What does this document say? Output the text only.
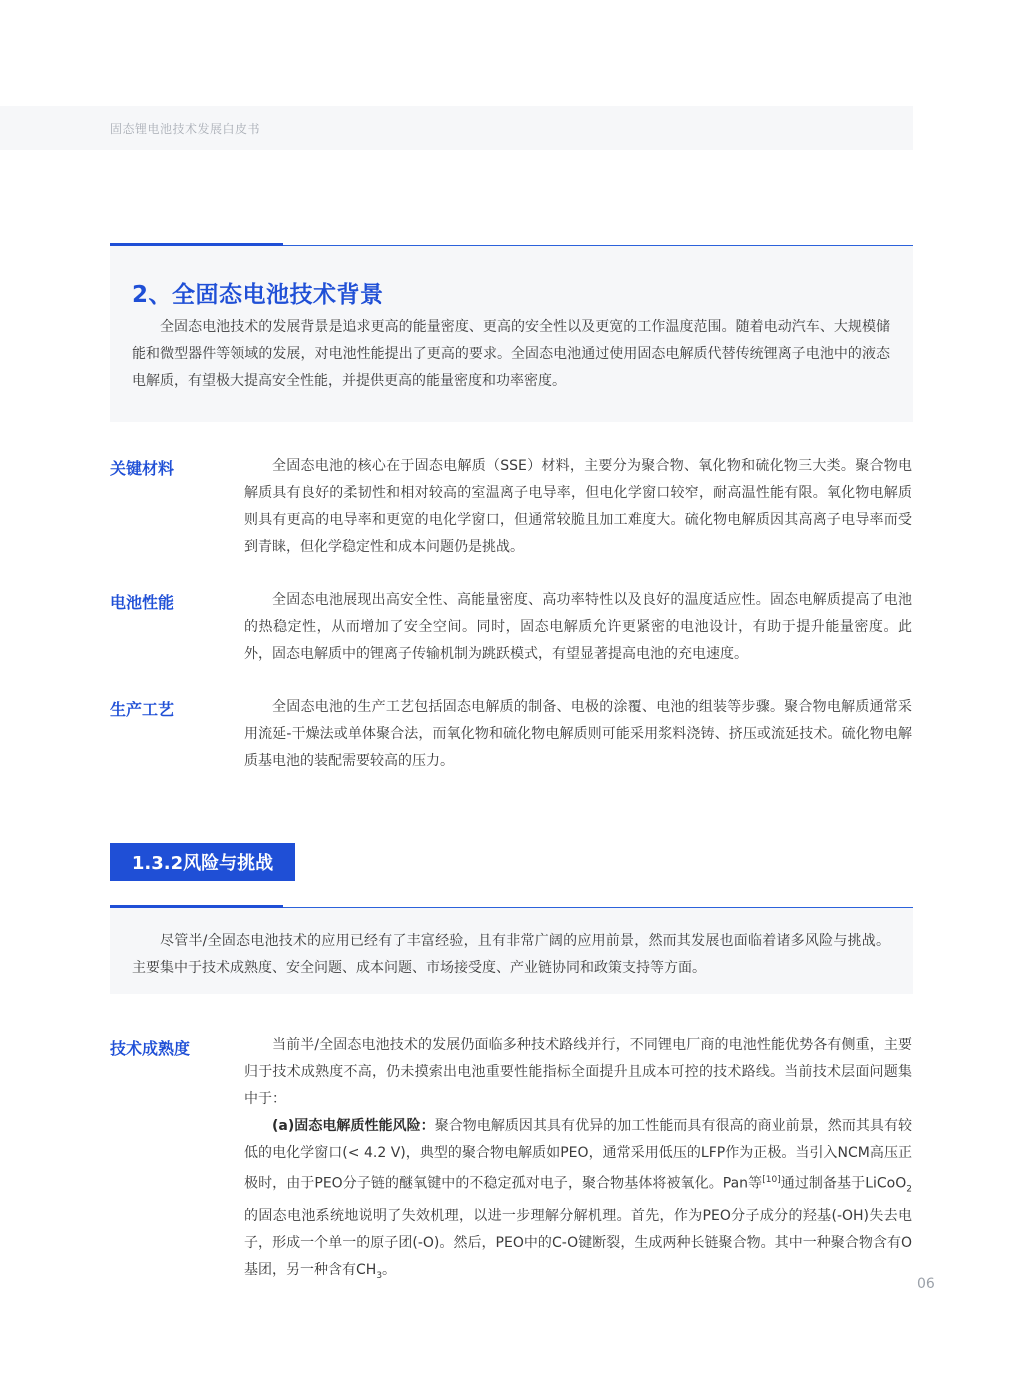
固态锂电池技术发展白皮书
2、全固态电池技术背景

全固态电池技术的发展背景是追求更高的能量密度、更高的安全性以及更宽的工作温度范围。随着电动汽车、大规模储能和微型器件等领域的发展，对电池性能提出了更高的要求。全固态电池通过使用固态电解质代替传统锂离子电池中的液态电解质，有望极大提高安全性能，并提供更高的能量密度和功率密度。

关键材料	全固态电池的核心在于固态电解质（SSE）材料，主要分为聚合物、氧化物和硫化物三大类。聚合物电解质具有良好的柔韧性和相对较高的室温离子电导率，但电化学窗口较窄，耐高温性能有限。氧化物电解质则具有更高的电导率和更宽的电化学窗口，但通常较脆且加工难度大。硫化物电解质因其高离子电导率而受到青睐，但化学稳定性和成本问题仍是挑战。

电池性能	全固态电池展现出高安全性、高能量密度、高功率特性以及良好的温度适应性。固态电解质提高了电池的热稳定性，从而增加了安全空间。同时，固态电解质允许更紧密的电池设计，有助于提升能量密度。此外，固态电解质中的锂离子传输机制为跳跃模式，有望显著提高电池的充电速度。

生产工艺	全固态电池的生产工艺包括固态电解质的制备、电极的涂覆、电池的组装等步骤。聚合物电解质通常采用流延-干燥法或单体聚合法，而氧化物和硫化物电解质则可能采用浆料浇铸、挤压或流延技术。硫化物电解质基电池的装配需要较高的压力。

1.3.2风险与挑战

尽管半/全固态电池技术的应用已经有了丰富经验，且有非常广阔的应用前景，然而其发展也面临着诸多风险与挑战。主要集中于技术成熟度、安全问题、成本问题、市场接受度、产业链协同和政策支持等方面。

技术成熟度	当前半/全固态电池技术的发展仍面临多种技术路线并行，不同锂电厂商的电池性能优势各有侧重，主要归于技术成熟度不高，仍未摸索出电池重要性能指标全面提升且成本可控的技术路线。当前技术层面问题集中于：

(a)固态电解质性能风险：聚合物电解质因其具有优异的加工性能而具有很高的商业前景，然而其具有较低的电化学窗口(< 4.2 V)，典型的聚合物电解质如PEO，通常采用低压的LFP作为正极。当引入NCM高压正极时，由于PEO分子链的醚氧键中的不稳定孤对电子，聚合物基体将被氧化。Pan等[10]通过制备基于LiCoO$_2$的固态电池系统地说明了失效机理，以进一步理解分解机理。首先，作为PEO分子成分的羟基(-OH)失去电子，形成一个单一的原子团(-O)。然后，PEO中的C-O键断裂，生成两种长链聚合物。其中一种聚合物含有O基团，另一种含有$CH_3$。

06
